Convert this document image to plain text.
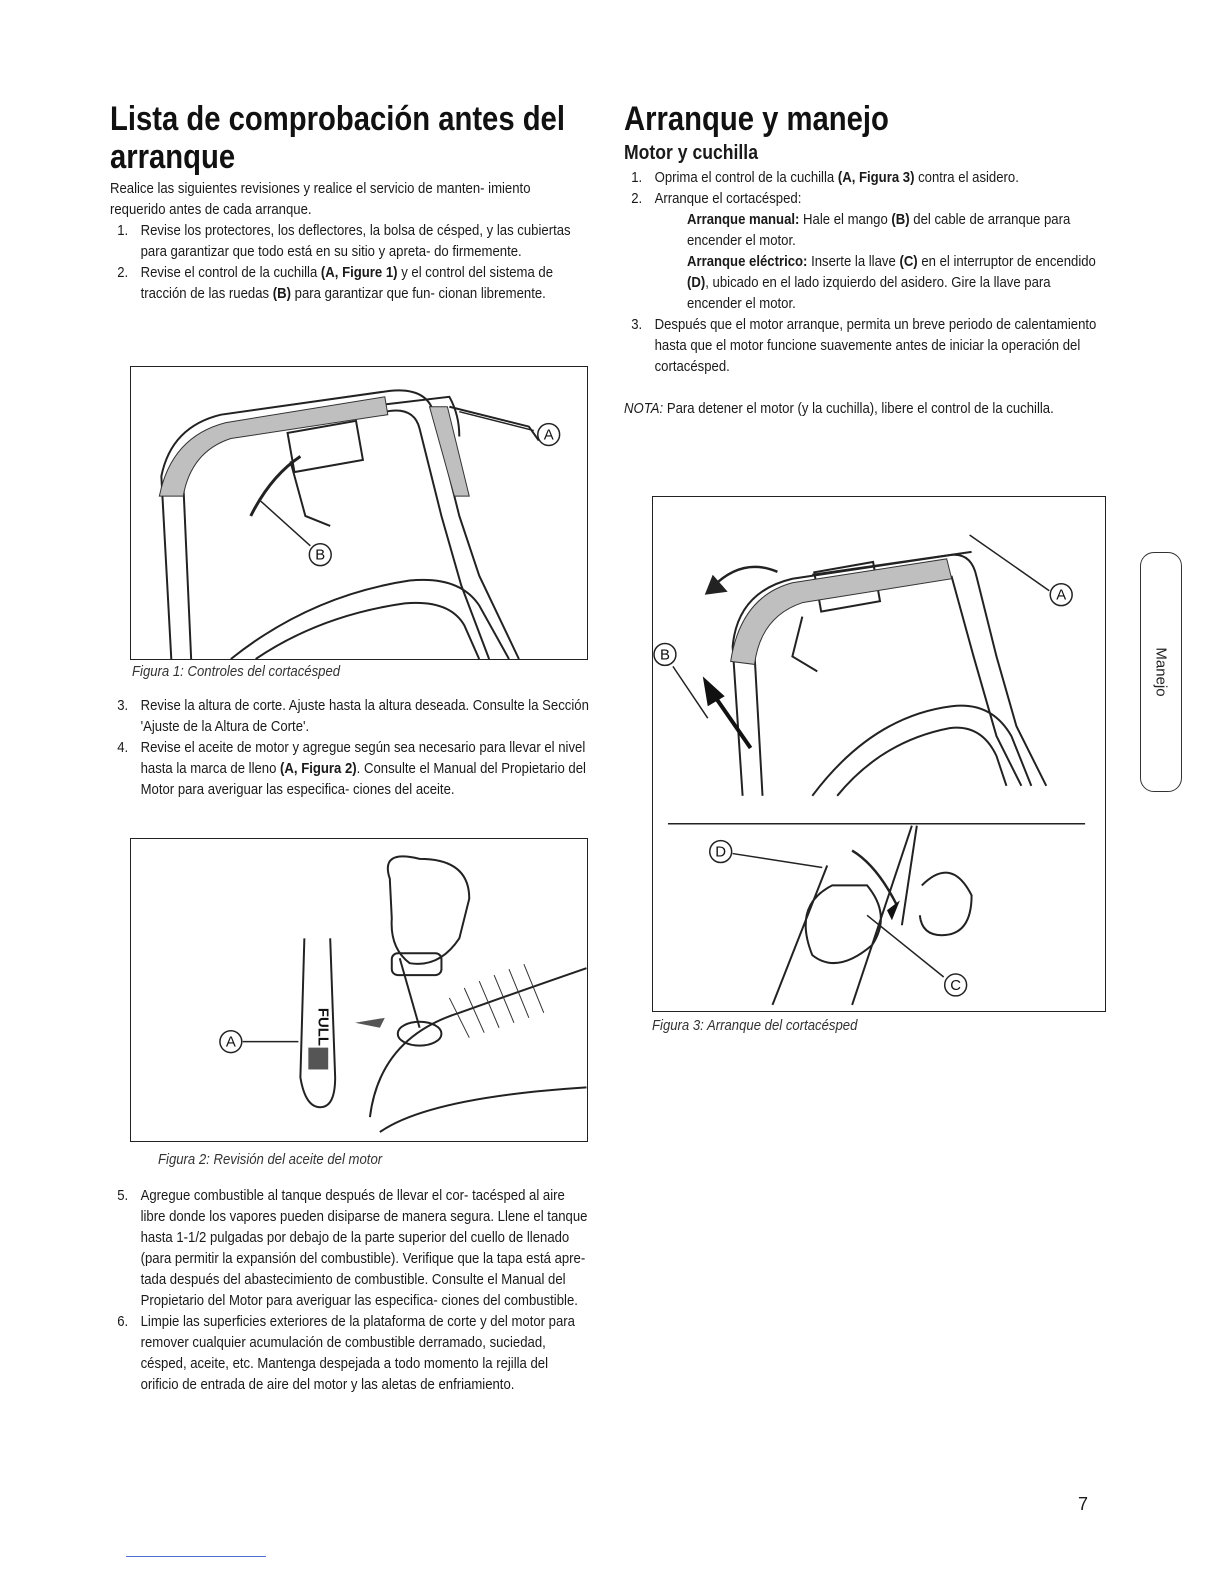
Lista de comprobación antes del
arranque

Realice las siguientes revisiones y realice el servicio de manten- imiento requerido antes de cada arranque.

1. Revise los protectores, los deflectores, la bolsa de césped, y las cubiertas para garantizar que todo está en su sitio y apreta- do firmemente.
2. Revise el control de la cuchilla (A, Figure 1) y el control del sistema de tracción de las ruedas (B) para garantizar que fun- cionan libremente.
A
B
Figura 1: Controles del cortacésped
3. Revise la altura de corte. Ajuste hasta la altura deseada. Consulte la Sección 'Ajuste de la Altura de Corte'.
4. Revise el aceite de motor y agregue según sea necesario para llevar el nivel hasta la marca de lleno (A, Figura 2). Consulte el Manual del Propietario del Motor para averiguar las especifica- ciones del aceite.
FULL
A
Figura 2: Revisión del aceite del motor
5. Agregue combustible al tanque después de llevar el cor- tacésped al aire libre donde los vapores pueden disiparse de manera segura. Llene el tanque hasta 1-1/2 pulgadas por debajo de la parte superior del cuello de llenado (para permitir la expansión del combustible). Verifique que la tapa está apre- tada después del abastecimiento de combustible. Consulte el Manual del Propietario del Motor para averiguar las especifica- ciones del combustible.
6. Limpie las superficies exteriores de la plataforma de corte y del motor para remover cualquier acumulación de combustible derramado, suciedad, césped, aceite, etc. Mantenga despejada a todo momento la rejilla del orificio de entrada de aire del motor y las aletas de enfriamiento.
Arranque y manejo
Motor y cuchilla
1. Oprima el control de la cuchilla (A, Figura 3) contra el asidero.
2. Arranque el cortacésped:

Arranque manual: Hale el mango (B) del cable de arranque para encender el motor.

Arranque eléctrico: Inserte la llave (C) en el interruptor de encendido (D), ubicado en el lado izquierdo del asidero. Gire la llave para encender el motor.

3. Después que el motor arranque, permita un breve periodo de calentamiento hasta que el motor funcione suavemente antes de iniciar la operación del cortacésped.

NOTA: Para detener el motor (y la cuchilla), libere el control de la cuchilla.

A
B
D
C
Figura 3: Arranque del cortacésped
Manejo
7
